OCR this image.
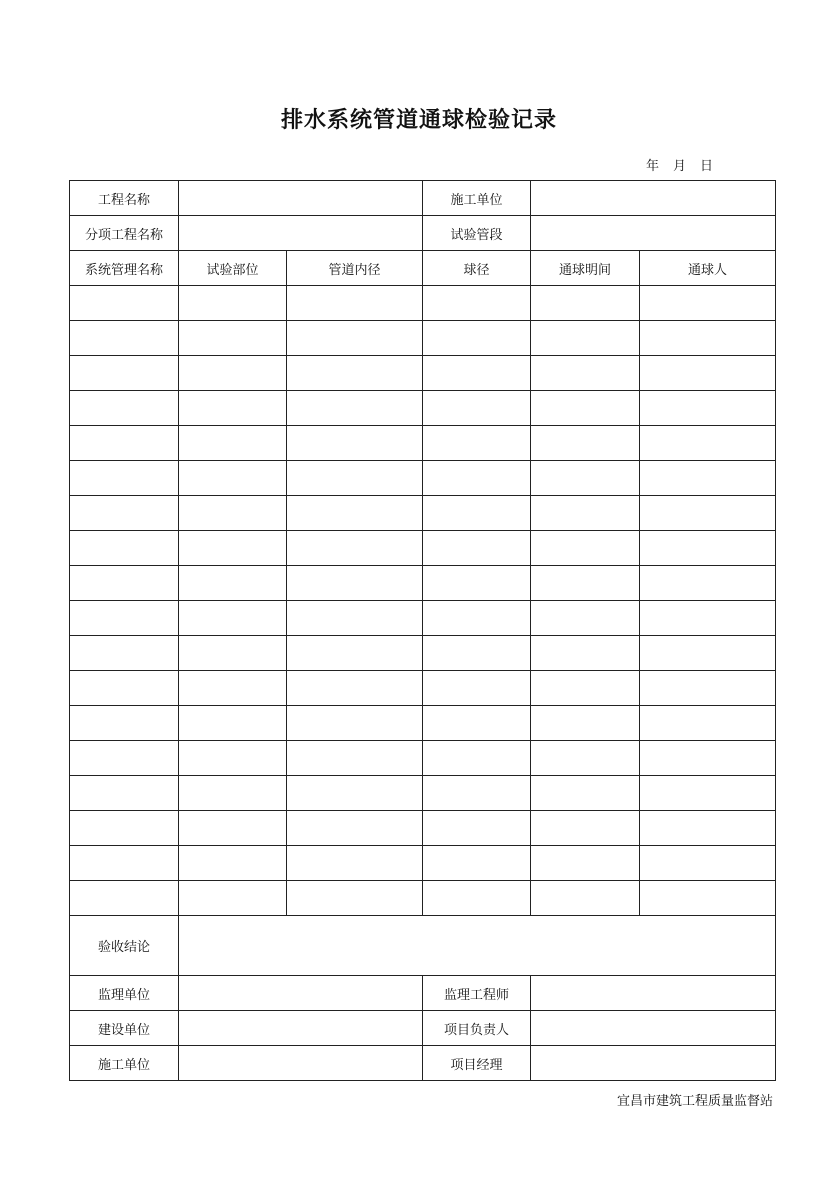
排水系统管道通球检验记录
年 月 日
工程名称			施工单位		
分项工程名称			试验管段		
系统管理名称	试验部位	管道内径	球径	通球明间	通球人

验收结论					
监理单位			监理工程师		
建设单位			项目负责人		
施工单位			项目经理		
宜昌市建筑工程质量监督站
